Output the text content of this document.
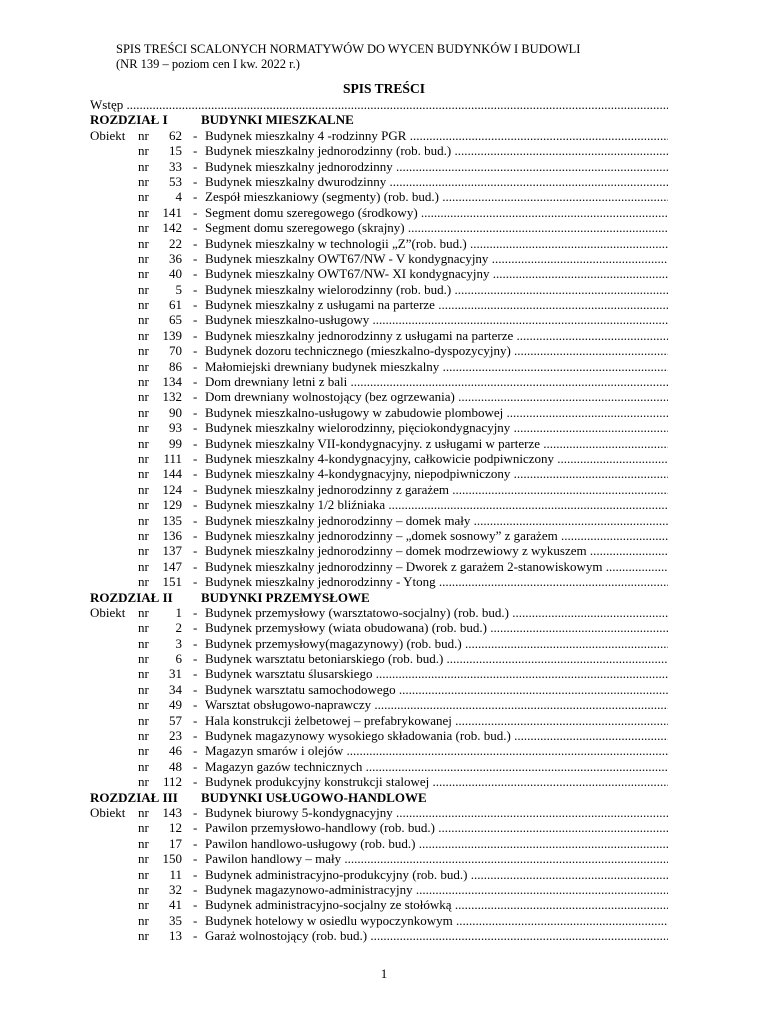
SPIS TREŚCI SCALONYCH NORMATYWÓW DO WYCEN BUDYNKÓW I BUDOWLI
(NR 139 – poziom cen I kw. 2022 r.)
SPIS TREŚCI
Wstęp .....
ROZDZIAŁ I	BUDYNKI MIESZKALNE
Obiekt nr	62 - Budynek mieszkalny 4 -rodzinny PGR .....
nr	15 - Budynek mieszkalny jednorodzinny (rob. bud.) .....
nr	33 - Budynek mieszkalny jednorodzinny .....
nr	53 - Budynek mieszkalny dwurodzinny .....
nr	4 - Zespół mieszkaniowy (segmenty) (rob. bud.) .....
nr	141 - Segment domu szeregowego (środkowy) .....
nr	142 - Segment domu szeregowego (skrajny) .....
nr	22 - Budynek mieszkalny w technologii „Z”(rob. bud.) .....
nr	36 - Budynek mieszkalny OWT67/NW - V kondygnacyjny .....
nr	40 - Budynek mieszkalny OWT67/NW- XI kondygnacyjny .....
nr	5 - Budynek mieszkalny wielorodzinny (rob. bud.) .....
nr	61 - Budynek mieszkalny z usługami na parterze .....
nr	65 - Budynek mieszkalno-usługowy .....
nr	139 - Budynek mieszkalny jednorodzinny z usługami na parterze .....
nr	70 - Budynek dozoru technicznego (mieszkalno-dyspozycyjny) .....
nr	86 - Małomiejski drewniany budynek mieszkalny .....
nr	134 - Dom drewniany letni z bali .....
nr	132 - Dom drewniany wolnostojący (bez ogrzewania) .....
nr	90 - Budynek mieszkalno-usługowy w zabudowie plombowej .....
nr	93 - Budynek mieszkalny wielorodzinny, pięciokondygnacyjny .....
nr	99 - Budynek mieszkalny VII-kondygnacyjny. z usługami w parterze .....
nr	111 - Budynek mieszkalny 4-kondygnacyjny, całkowicie podpiwniczony .....
nr	144 - Budynek mieszkalny 4-kondygnacyjny, niepodpiwniczony .....
nr	124 - Budynek mieszkalny jednorodzinny z garażem .....
nr	129 - Budynek mieszkalny 1/2 bliźniaka .....
nr	135 - Budynek mieszkalny jednorodzinny – domek mały .....
nr	136 - Budynek mieszkalny jednorodzinny – „domek sosnowy” z garażem .....
nr	137 - Budynek mieszkalny jednorodzinny – domek modrzewiowy z wykuszem .....
nr	147 - Budynek mieszkalny jednorodzinny – Dworek z garażem 2-stanowiskowym .....
nr	151 - Budynek mieszkalny jednorodzinny - Ytong .....
ROZDZIAŁ II BUDYNKI PRZEMYSŁOWE
Obiekt nr	1 - Budynek przemysłowy (warsztatowo-socjalny) (rob. bud.) .....
nr	2 - Budynek przemysłowy (wiata obudowana) (rob. bud.) .....
nr	3 - Budynek przemysłowy(magazynowy) (rob. bud.) .....
nr	6 - Budynek warsztatu betoniarskiego (rob. bud.) .....
nr	31 - Budynek warsztatu ślusarskiego .....
nr	34 - Budynek warsztatu samochodowego .....
nr	49 - Warsztat obsługowo-naprawczy .....
nr	57 - Hala konstrukcji żelbetowej – prefabrykowanej .....
nr	23 - Budynek magazynowy wysokiego składowania (rob. bud.) .....
nr	46 - Magazyn smarów i olejów .....
nr	48 - Magazyn gazów technicznych .....
nr	112 - Budynek produkcyjny konstrukcji stalowej .....
ROZDZIAŁ III BUDYNKI USŁUGOWO-HANDLOWE
Obiekt nr	143 - Budynek biurowy 5-kondygnacyjny .....
nr	12 - Pawilon przemysłowo-handlowy (rob. bud.) .....
nr	17 - Pawilon handlowo-usługowy (rob. bud.) .....
nr	150 - Pawilon handlowy – mały .....
nr	11 - Budynek administracyjno-produkcyjny (rob. bud.) .....
nr	32 - Budynek magazynowo-administracyjny .....
nr	41 - Budynek administracyjno-socjalny ze stołówką .....
nr	35 - Budynek hotelowy w osiedlu wypoczynkowym .....
nr	13 - Garaż wolnostojący (rob. bud.) .....
1
